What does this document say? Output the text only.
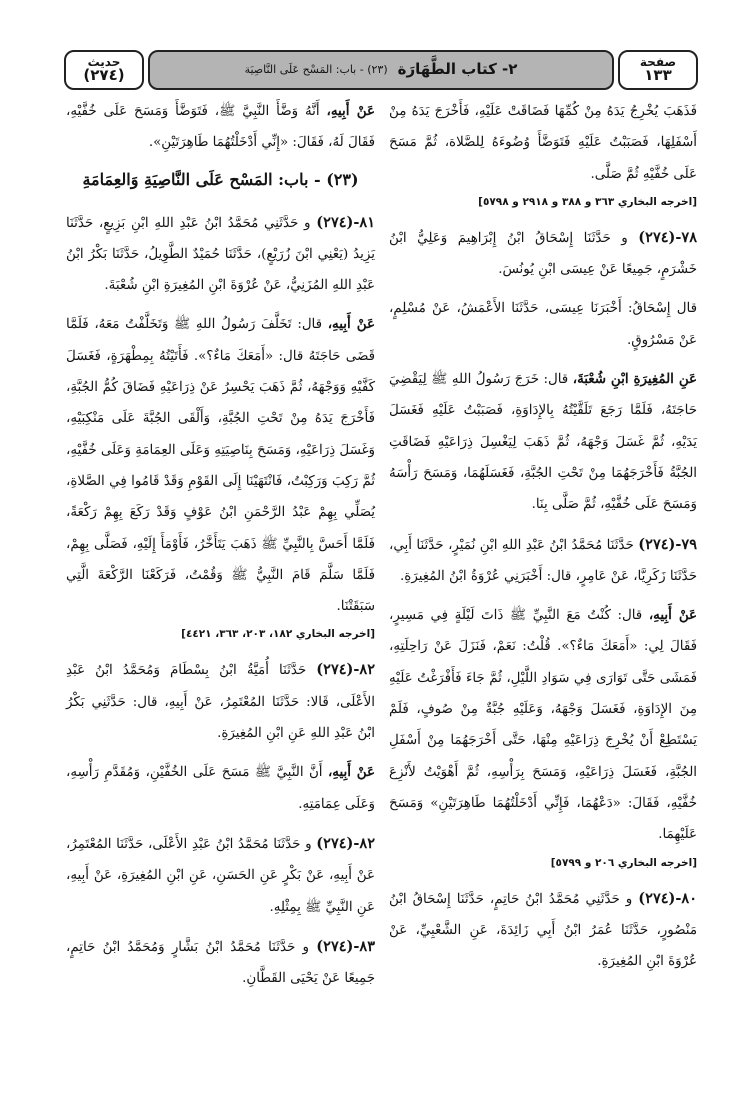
حديث
(٢٧٤)	٢- كتاب الطَّهَارَة
(٢٣) - باب: المَسْح عَلَى النَّاصِيَة
صفحة
١٣٣

فَذَهَبَ يُخْرِجُ يَدَهُ مِنْ كُمِّهَا فَضَاقَتْ عَلَيْهِ، فَأَخْرَجَ يَدَهُ مِنْ أَسْفَلِهَا، فَصَبَبْتُ عَلَيْهِ فَتَوَضَّأَ وُضُوءَهُ لِلصَّلاة، ثُمَّ مَسَحَ عَلَى خُفَّيْهِ ثُمَّ صَلَّى.

[اخرجه البخاري ٣٦٣ و ٣٨٨ و ٢٩١٨ و ٥٧٩٨]

٧٨-(٢٧٤) و حَدَّثَنَا إِسْحَاقُ ابْنُ إِبْرَاهِيمَ وَعَلِيُّ ابْنُ خَشْرَمٍ، جَمِيعًا عَنْ عِيسَى ابْنِ يُونُسَ.

قال إِسْحَاقُ: أَخْبَرَنَا عِيسَى، حَدَّثَنَا الأَعْمَشُ، عَنْ مُسْلِمٍ، عَنْ مَسْرُوقٍ.

عَنِ المُغِيرَةِ ابْنِ شُعْبَةَ، قال: خَرَجَ رَسُولُ اللهِ ﷺ لِيَقْضِيَ حَاجَتَهُ، فَلَمَّا رَجَعَ تَلَقَّيْتُهُ بِالإِدَاوَةِ، فَصَبَبْتُ عَلَيْهِ فَغَسَلَ يَدَيْهِ، ثُمَّ غَسَلَ وَجْهَهُ، ثُمَّ ذَهَبَ لِيَغْسِلَ ذِرَاعَيْهِ فَضَاقَتِ الجُبَّةُ فَأَخْرَجَهُمَا مِنْ تَحْتِ الجُبَّةِ، فَغَسَلَهُمَا، وَمَسَحَ رَأْسَهُ وَمَسَحَ عَلَى خُفَّيْهِ، ثُمَّ صَلَّى بِنَا.

٧٩-(٢٧٤) حَدَّثَنَا مُحَمَّدُ ابْنُ عَبْدِ اللهِ ابْنِ نُمَيْرٍ، حَدَّثَنَا أَبِي، حَدَّثَنَا زَكَرِيَّا، عَنْ عَامِرٍ، قال: أَخْبَرَنِي عُرْوَةُ ابْنُ المُغِيرَةِ.

عَنْ أَبِيهِ، قال: كُنْتُ مَعَ النَّبِيِّ ﷺ ذَاتَ لَيْلَةٍ فِي مَسِيرٍ، فَقَالَ لِي: «أَمَعَكَ مَاءٌ؟». قُلْتُ: نَعَمْ، فَنَزَلَ عَنْ رَاحِلَتِهِ، فَمَشَى حَتَّى تَوَارَى فِي سَوَادِ اللَّيْلِ، ثُمَّ جَاءَ فَأَفْرَغْتُ عَلَيْهِ مِنَ الإِدَاوَةِ، فَغَسَلَ وَجْهَهُ، وَعَلَيْهِ جُبَّةٌ مِنْ صُوفٍ، فَلَمْ يَسْتَطِعْ أَنْ يُخْرِجَ ذِرَاعَيْهِ مِنْهَا، حَتَّى أَخْرَجَهُمَا مِنْ أَسْفَلِ الجُبَّةِ، فَغَسَلَ ذِرَاعَيْهِ، وَمَسَحَ بِرَأْسِهِ، ثُمَّ أَهْوَيْتُ لأَنْزِعَ خُفَّيْهِ، فَقَالَ: «دَعْهُمَا، فَإِنِّي أَدْخَلْتُهُمَا طَاهِرَتَيْنِ» وَمَسَحَ عَلَيْهِمَا.

[اخرجه البخاري ٢٠٦ و ٥٧٩٩]

٨٠-(٢٧٤) و حَدَّثَنِي مُحَمَّدُ ابْنُ حَاتِمٍ، حَدَّثَنَا إِسْحَاقُ ابْنُ مَنْصُورٍ، حَدَّثَنَا عُمَرُ ابْنُ أَبِي زَائِدَةَ، عَنِ الشَّعْبِيِّ، عَنْ عُرْوَةَ ابْنِ المُغِيرَةِ.

عَنْ أَبِيهِ، أَنَّهُ وَضَّأَ النَّبِيَّ ﷺ، فَتَوَضَّأَ وَمَسَحَ عَلَى خُفَّيْهِ، فَقَالَ لَهُ، فَقَالَ: «إِنِّي أَدْخَلْتُهُمَا طَاهِرَتَيْنِ».

(٢٣) - باب: المَسْح عَلَى النَّاصِيَةِ وَالعِمَامَةِ

٨١-(٢٧٤) و حَدَّثَنِي مُحَمَّدُ ابْنُ عَبْدِ اللهِ ابْنِ بَزِيعٍ، حَدَّثَنَا يَزِيدُ (يَعْنِي ابْنَ زُرَيْعٍ)، حَدَّثَنَا حُمَيْدٌ الطَّوِيلُ، حَدَّثَنَا بَكْرُ ابْنُ عَبْدِ اللهِ المُزَنِيُّ، عَنْ عُرْوَةَ ابْنِ المُغِيرَةِ ابْنِ شُعْبَةَ.

عَنْ أَبِيهِ، قال: تَخَلَّفَ رَسُولُ اللهِ ﷺ وَتَخَلَّفْتُ مَعَهُ، فَلَمَّا قَضَى حَاجَتَهُ قال: «أَمَعَكَ مَاءٌ؟». فَأَتَيْتُهُ بِمِطْهَرَةٍ، فَغَسَلَ كَفَّيْهِ وَوَجْهَهُ، ثُمَّ ذَهَبَ يَحْسِرُ عَنْ ذِرَاعَيْهِ فَضَاقَ كُمُّ الجُبَّةِ، فَأَخْرَجَ يَدَهُ مِنْ تَحْتِ الجُبَّةِ، وَأَلْقَى الجُبَّةَ عَلَى مَنْكِبَيْهِ، وَغَسَلَ ذِرَاعَيْهِ، وَمَسَحَ بِنَاصِيَتِهِ وَعَلَى العِمَامَةِ وَعَلَى خُفَّيْهِ، ثُمَّ رَكِبَ وَرَكِبْتُ، فَانْتَهَيْنَا إِلَى القَوْمِ وَقَدْ قَامُوا فِي الصَّلاةِ، يُصَلِّي بِهِمْ عَبْدُ الرَّحْمَنِ ابْنُ عَوْفٍ وَقَدْ رَكَعَ بِهِمْ رَكْعَةً، فَلَمَّا أَحَسَّ بِالنَّبِيِّ ﷺ ذَهَبَ يَتَأَخَّرُ، فَأَوْمَأَ إِلَيْهِ، فَصَلَّى بِهِمْ، فَلَمَّا سَلَّمَ قَامَ النَّبِيُّ ﷺ وَقُمْتُ، فَرَكَعْنَا الرَّكْعَةَ الَّتِي سَبَقَتْنَا.

[اخرجه البخاري ١٨٢، ٢٠٣، ٣٦٣، ٤٤٢١]

٨٢-(٢٧٤) حَدَّثَنَا أُمَيَّةُ ابْنُ بِسْطَامَ وَمُحَمَّدُ ابْنُ عَبْدِ الأَعْلَى، قَالا: حَدَّثَنَا المُعْتَمِرُ، عَنْ أَبِيهِ، قال: حَدَّثَنِي بَكْرُ ابْنُ عَبْدِ اللهِ عَنِ ابْنِ المُغِيرَةِ.

عَنْ أَبِيهِ، أَنَّ النَّبِيَّ ﷺ مَسَحَ عَلَى الخُفَّيْنِ، وَمُقَدَّمِ رَأْسِهِ، وَعَلَى عِمَامَتِهِ.

٨٢-(٢٧٤) و حَدَّثَنَا مُحَمَّدُ ابْنُ عَبْدِ الأَعْلَى، حَدَّثَنَا المُعْتَمِرُ، عَنْ أَبِيهِ، عَنْ بَكْرٍ عَنِ الحَسَنِ، عَنِ ابْنِ المُغِيرَةِ، عَنْ أَبِيهِ، عَنِ النَّبِيِّ ﷺ بِمِثْلِهِ.

٨٣-(٢٧٤) و حَدَّثَنَا مُحَمَّدُ ابْنُ بَشَّارٍ وَمُحَمَّدُ ابْنُ حَاتِمٍ، جَمِيعًا عَنْ يَحْيَى القَطَّانِ.
